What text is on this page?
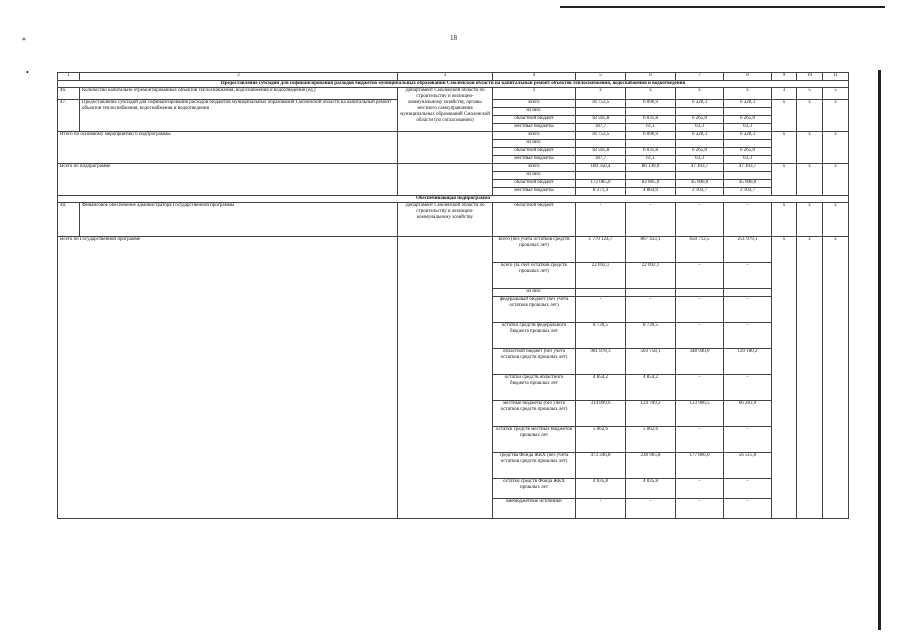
*
•
18
1	2	3	4	5	6	7	8	9	10	11
Предоставление субсидий для софинансирования расходов бюджетов муниципальных образований Смоленской области на капитальный ремонт объектов теплоснабжения, водоснабжения и водоотведения										
46.	Количество капитально отремонтированных объектов теплоснабжения, водоснабжения и водоотведения (ед.)	Департамент Смоленской области по строительству и жилищно-коммунальному хозяйству, органы местного самоуправления муниципальных образований Смоленской области (по согласованию)	х	х	х	х	х	3	5	5
47.	Предоставление субсидий для софинансирования расходов бюджетов муниципальных образований Смоленской области на капитальный ремонт объектов теплоснабжения, водоснабжения и водоотведения		всего	18 753,5	6 096,9	6 328,3	6 328,3	х	х	х
			из них:							
			областной бюджет	18 565,8	6 035,8	6 265,0	6 265,0			
			местные бюджеты	187,7	61,1	63,3	63,3			
Итого по основному мероприятию 6 подпрограммы			всего	18 753,5	6 096,9	6 328,3	6 328,3	х	х	х
			из них:							
			областной бюджет	18 565,8	6 035,8	6 265,0	6 265,0			
			местные бюджеты	187,7	61,1	63,3	63,3			
Всего по подпрограмме			всего	180 356,4	86 149,0	47 103,7	47 103,7	х	х	х
			из них:							
			областной бюджет	172 085,0	82 085,0	45 000,0	45 000,0			
			местные бюджеты	8 271,4	4 064,0	2 103,7	2 103,7			
Обеспечивающая подпрограмма										
48.	Финансовое обеспечение администратора Государственной программы	Департамент Смоленской области по строительству и жилищно-коммунальному хозяйству	областной бюджет	-	-	-	-	х	х	х
Всего по Государственной программе			всего (без учета остатков средств прошлых лет)	1 770 124,7	867 433,1	650 712,5	251 979,1	х	х	х
			всего (за счет остатков средств прошлых лет)	22 692,1	22 692,1	-	-			
			из них:							
			федеральный бюджет (без учета остатков прошлых лет)	-	-	-	-			
			остатки средств федерального бюджета прошлых лет	8 739,5	8 739,5	-	-			
			областной бюджет (без учета остатков средств прошлых лет)	981 878,3	503 758,1	348 940,0	129 180,2			
			остатки средств областного бюджета прошлых лет	4 854,2	4 854,2	-	-			
			местные бюджеты (без учета остатков средств прошлых лет)	314 899,6	124 709,2	123 906,5	66 283,9			
			остатки средств местных бюджетов прошлых лет	5 062,6	5 062,6	-	-			
			средства Фонда ЖКХ (без учета остатков средств прошлых лет)	473 346,8	238 965,8	177 866,0	56 515,0			
			остатки средств Фонда ЖКХ прошлых лет	4 035,8	4 035,8	-	-			
			внебюджетные источники	-	-	-	-			
